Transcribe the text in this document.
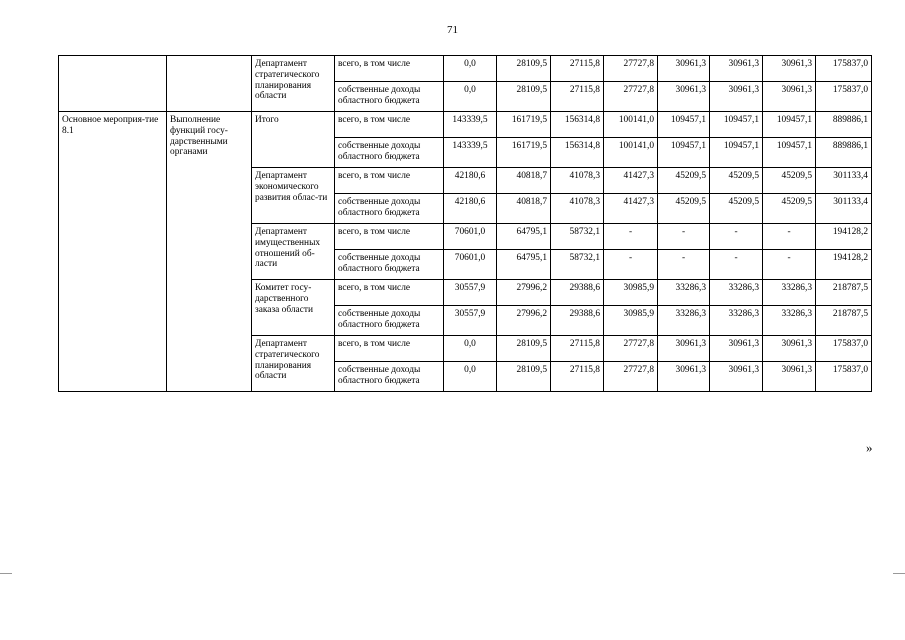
71
		Департамент стратегического планирования области	всего, в том числе	0,0	28109,5	27115,8	27727,8	30961,3	30961,3	30961,3	175837,0
			собственные доходы областного бюджета	0,0	28109,5	27115,8	27727,8	30961,3	30961,3	30961,3	175837,0
Основное мероприя-тие 8.1	Выполнение функций госу-дарственными органами	Итого	всего, в том числе	143339,5	161719,5	156314,8	100141,0	109457,1	109457,1	109457,1	889886,1
			собственные доходы областного бюджета	143339,5	161719,5	156314,8	100141,0	109457,1	109457,1	109457,1	889886,1
		Департамент экономического развития облас-ти	всего, в том числе	42180,6	40818,7	41078,3	41427,3	45209,5	45209,5	45209,5	301133,4
			собственные доходы областного бюджета	42180,6	40818,7	41078,3	41427,3	45209,5	45209,5	45209,5	301133,4
		Департамент имущественных отношений об-ласти	всего, в том числе	70601,0	64795,1	58732,1	-	-	-	-	194128,2
			собственные доходы областного бюджета	70601,0	64795,1	58732,1	-	-	-	-	194128,2
		Комитет госу-дарственного заказа области	всего, в том числе	30557,9	27996,2	29388,6	30985,9	33286,3	33286,3	33286,3	218787,5
			собственные доходы областного бюджета	30557,9	27996,2	29388,6	30985,9	33286,3	33286,3	33286,3	218787,5
		Департамент стратегического планирования области	всего, в том числе	0,0	28109,5	27115,8	27727,8	30961,3	30961,3	30961,3	175837,0
			собственные доходы областного бюджета	0,0	28109,5	27115,8	27727,8	30961,3	30961,3	30961,3	175837,0
»
